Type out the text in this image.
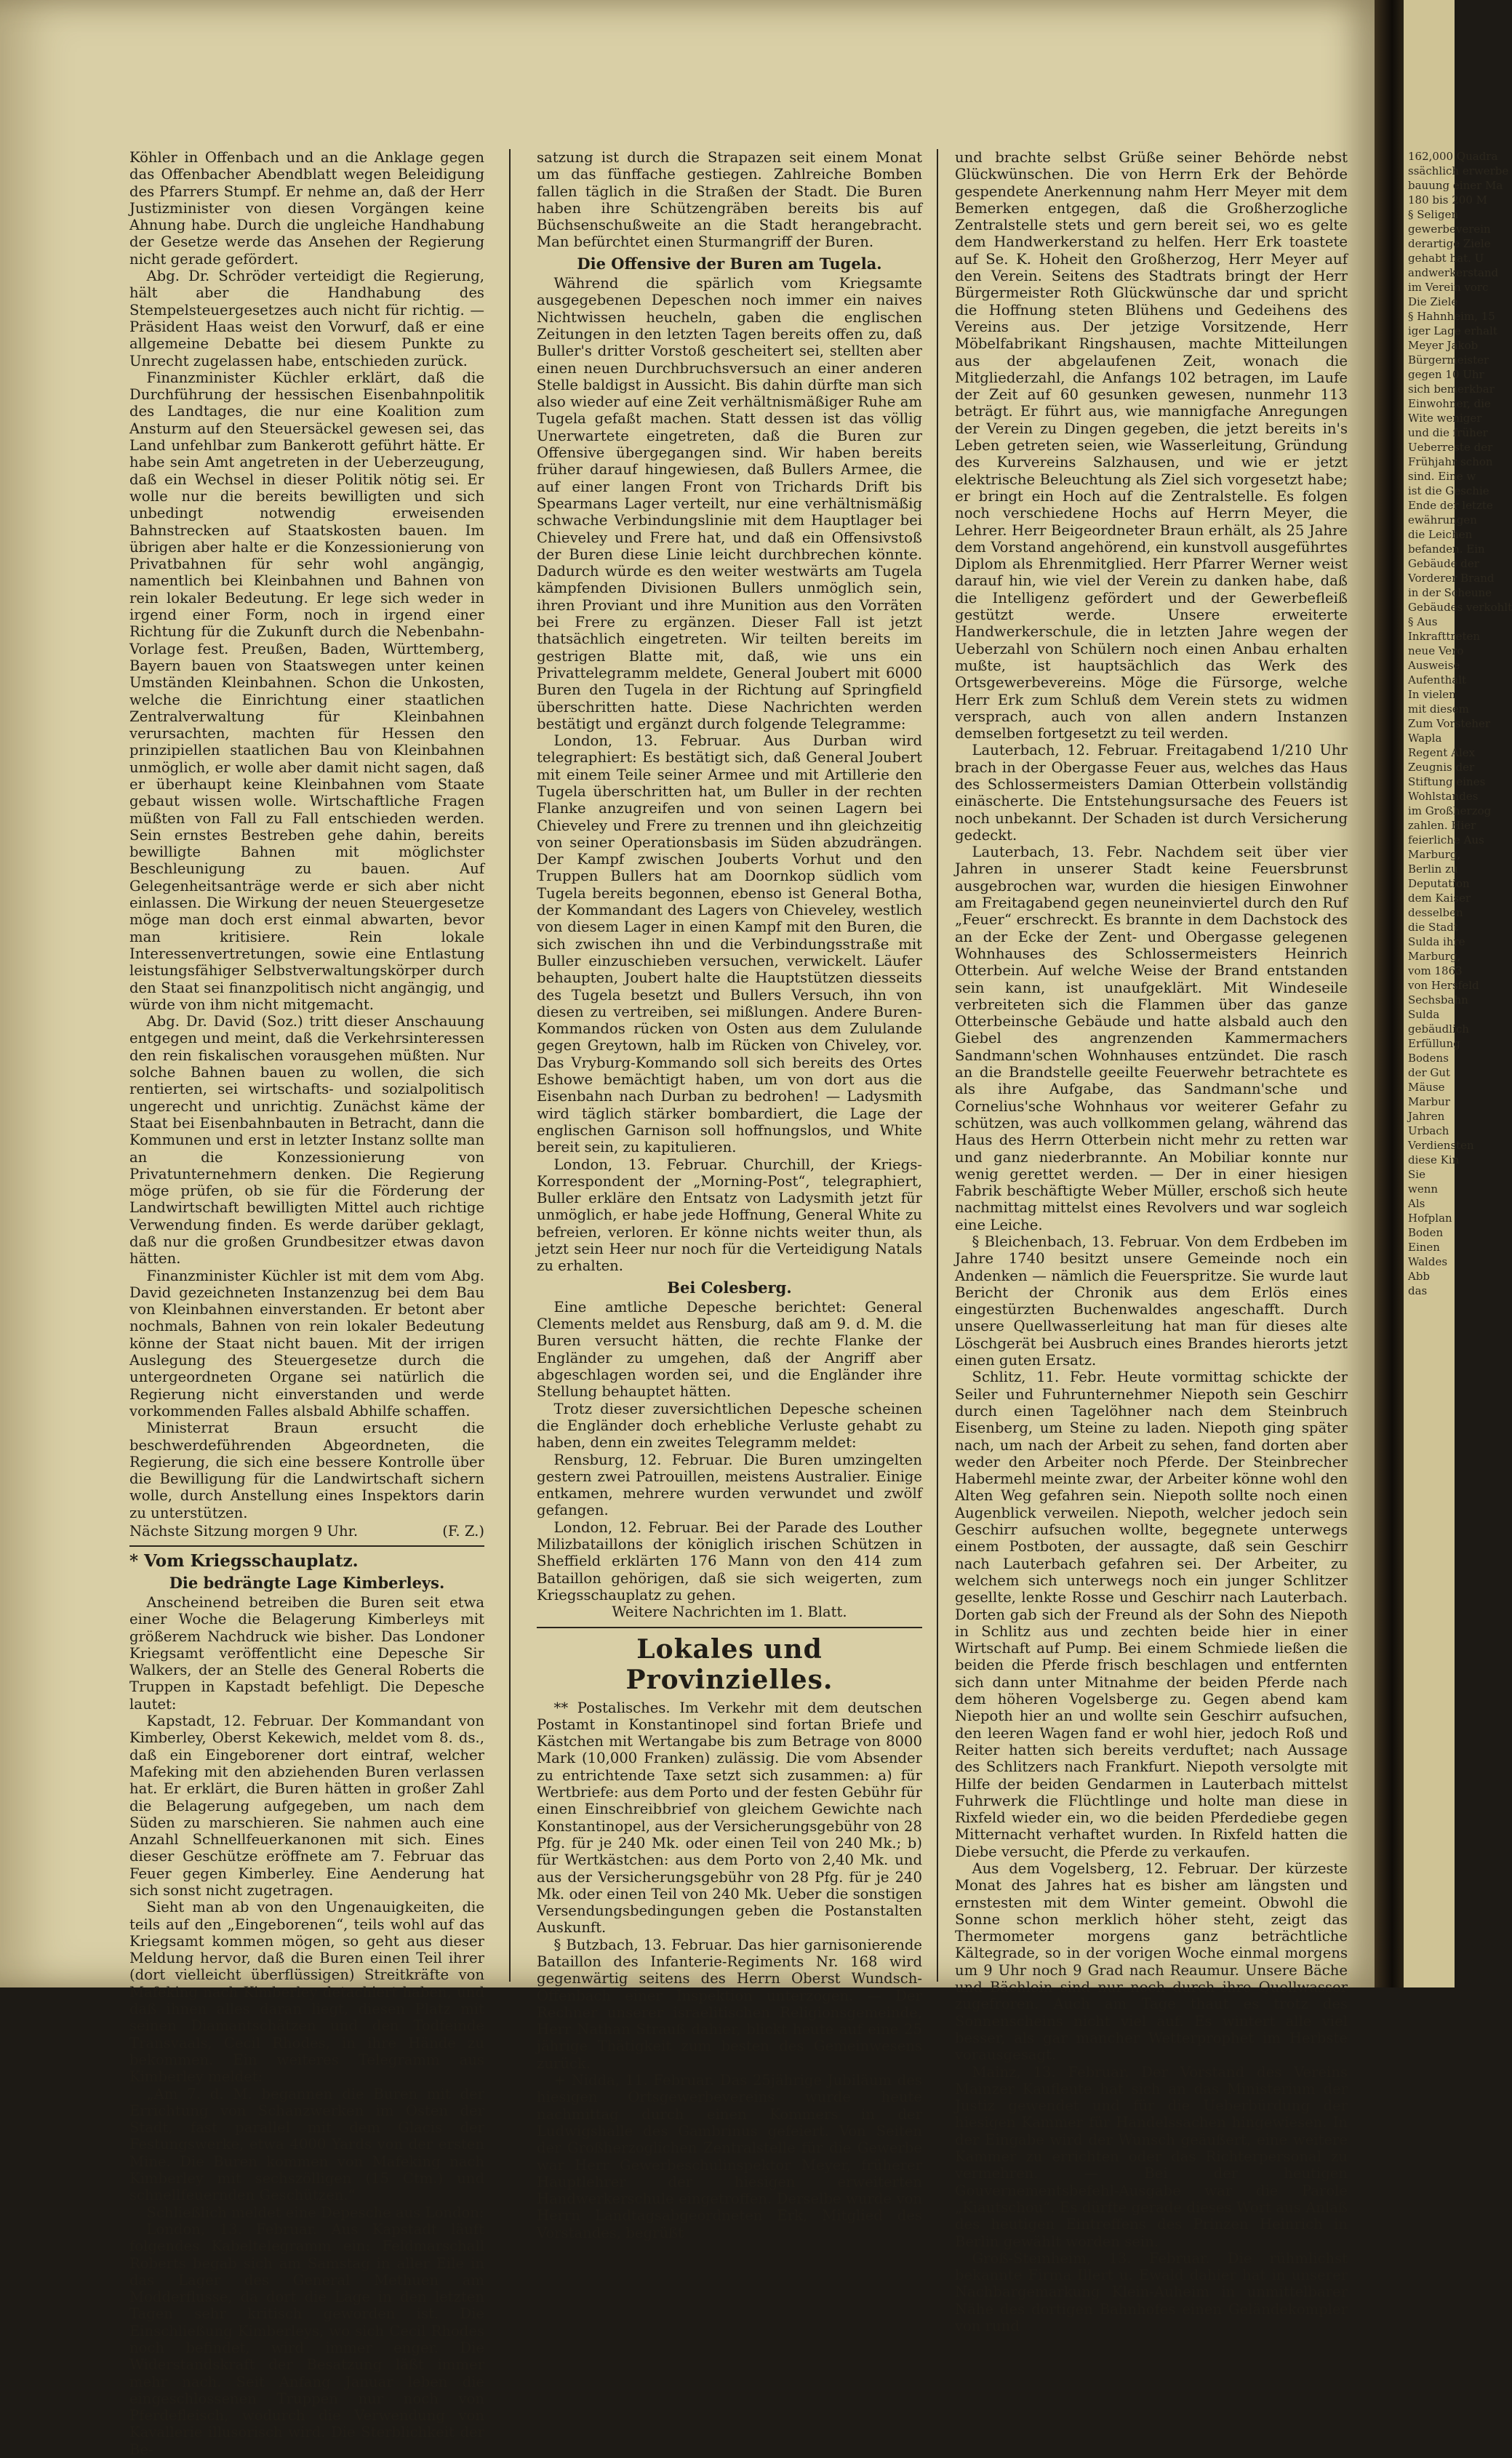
Köhler in Offenbach und an die Anklage gegen das Offenbacher Abendblatt wegen Beleidigung des Pfarrers Stumpf. Er nehme an, daß der Herr Justizminister von diesen Vorgängen keine Ahnung habe. Durch die ungleiche Handhabung der Gesetze werde das Ansehen der Regierung nicht gerade gefördert.

Abg. Dr. Schröder verteidigt die Regierung, hält aber die Handhabung des Stempelsteuergesetzes auch nicht für richtig. — Präsident Haas weist den Vorwurf, daß er eine allgemeine Debatte bei diesem Punkte zu Unrecht zugelassen habe, entschieden zurück.

Finanzminister Küchler erklärt, daß die Durchführung der hessischen Eisenbahnpolitik des Landtages, die nur eine Koalition zum Ansturm auf den Steuersäckel gewesen sei, das Land unfehlbar zum Bankerott geführt hätte. Er habe sein Amt angetreten in der Ueberzeugung, daß ein Wechsel in dieser Politik nötig sei. Er wolle nur die bereits bewilligten und sich unbedingt notwendig erweisenden Bahnstrecken auf Staatskosten bauen. Im übrigen aber halte er die Konzessionierung von Privatbahnen für sehr wohl angängig, namentlich bei Kleinbahnen und Bahnen von rein lokaler Bedeutung. Er lege sich weder in irgend einer Form, noch in irgend einer Richtung für die Zukunft durch die Nebenbahn-Vorlage fest. Preußen, Baden, Württemberg, Bayern bauen von Staatswegen unter keinen Umständen Kleinbahnen. Schon die Unkosten, welche die Einrichtung einer staatlichen Zentralverwaltung für Kleinbahnen verursachten, machten für Hessen den prinzipiellen staatlichen Bau von Kleinbahnen unmöglich, er wolle aber damit nicht sagen, daß er überhaupt keine Kleinbahnen vom Staate gebaut wissen wolle. Wirtschaftliche Fragen müßten von Fall zu Fall entschieden werden. Sein ernstes Bestreben gehe dahin, bereits bewilligte Bahnen mit möglichster Beschleunigung zu bauen. Auf Gelegenheitsanträge werde er sich aber nicht einlassen. Die Wirkung der neuen Steuergesetze möge man doch erst einmal abwarten, bevor man kritisiere. Rein lokale Interessenvertretungen, sowie eine Entlastung leistungsfähiger Selbstverwaltungskörper durch den Staat sei finanzpolitisch nicht angängig, und würde von ihm nicht mitgemacht.

Abg. Dr. David (Soz.) tritt dieser Anschauung entgegen und meint, daß die Verkehrsinteressen den rein fiskalischen vorausgehen müßten. Nur solche Bahnen bauen zu wollen, die sich rentierten, sei wirtschafts- und sozialpolitisch ungerecht und unrichtig. Zunächst käme der Staat bei Eisenbahnbauten in Betracht, dann die Kommunen und erst in letzter Instanz sollte man an die Konzessionierung von Privatunternehmern denken. Die Regierung möge prüfen, ob sie für die Förderung der Landwirtschaft bewilligten Mittel auch richtige Verwendung finden. Es werde darüber geklagt, daß nur die großen Grundbesitzer etwas davon hätten.

Finanzminister Küchler ist mit dem vom Abg. David gezeichneten Instanzenzug bei dem Bau von Kleinbahnen einverstanden. Er betont aber nochmals, Bahnen von rein lokaler Bedeutung könne der Staat nicht bauen. Mit der irrigen Auslegung des Steuergesetze durch die untergeordneten Organe sei natürlich die Regierung nicht einverstanden und werde vorkommenden Falles alsbald Abhilfe schaffen.

Ministerrat Braun ersucht die beschwerdeführenden Abgeordneten, die Regierung, die sich eine bessere Kontrolle über die Bewilligung für die Landwirtschaft sichern wolle, durch Anstellung eines Inspektors darin zu unterstützen.

Nächste Sitzung morgen 9 Uhr.	(F. Z.)
* Vom Kriegsschauplatz.
Die bedrängte Lage Kimberleys.

Anscheinend betreiben die Buren seit etwa einer Woche die Belagerung Kimberleys mit größerem Nachdruck wie bisher. Das Londoner Kriegsamt veröffentlicht eine Depesche Sir Walkers, der an Stelle des General Roberts die Truppen in Kapstadt befehligt. Die Depesche lautet:

Kapstadt, 12. Februar. Der Kommandant von Kimberley, Oberst Kekewich, meldet vom 8. ds., daß ein Eingeborener dort eintraf, welcher Mafeking mit den abziehenden Buren verlassen hat. Er erklärt, die Buren hätten in großer Zahl die Belagerung aufgegeben, um nach dem Süden zu marschieren. Sie nahmen auch eine Anzahl Schnellfeuerkanonen mit sich. Eines dieser Geschütze eröffnete am 7. Februar das Feuer gegen Kimberley. Eine Aenderung hat sich sonst nicht zugetragen.

Sieht man ab von den Ungenauigkeiten, die teils auf den „Eingeborenen“, teils wohl auf das Kriegsamt kommen mögen, so geht aus dieser Meldung hervor, daß die Buren einen Teil ihrer (dort vielleicht überflüssigen) Streitkräfte von Mafeking nach Kimberley detachiert haben, und daß ihnen alles daran liegt, diesen Platz mit seinen Diamantschätzen und den Todfeinde Transvaals, Cecil Rhodes, in ihre Hände zu bekommen. Ein weiteres Telegramm aus Kimberley meldet:

„Am 7. d. M. begannen die Buren mit der Errichtung von Schanzwerken im Osten der Stadt, fast parallel mit dem Glacis der Festungswerke, etwa 4000 Yards von der ersten Mine. Die Buren kommen von Mafeking nach Kimberley mit sechszölligen (15 Ctm.) und schnellfeuernden Geschützen.“

Schließlich meldet eine Depesche aus London:

London, 13. Februar. Aus Kapstadt läuft folgendes Kabeltelegramm ein: Feldmarschall Roberts begab sich am Samstag in aller Eile in das Lager des General Methuen am Modderflusse, da dort die Lage in den letzten Tagen sehr kritisch geworden ist. Die Einschließung Kimberleys, wo sich Cecil Rhodes noch befindet, wird immer enger. Die Widerstandskraft der Besatzung läßt immer mehr nach. Seit Anfang Januar leben die eingeschlossenen Truppen nur noch von Pferdefleisch, wodurch die Verwendung von Kavallerie illusorisch wird. Die Sterblichkeit der Be-

satzung ist durch die Strapazen seit einem Monat um das fünffache gestiegen. Zahlreiche Bomben fallen täglich in die Straßen der Stadt. Die Buren haben ihre Schützengräben bereits bis auf Büchsenschußweite an die Stadt herangebracht. Man befürchtet einen Sturmangriff der Buren.

Die Offensive der Buren am Tugela.

Während die spärlich vom Kriegsamte ausgegebenen Depeschen noch immer ein naives Nichtwissen heucheln, gaben die englischen Zeitungen in den letzten Tagen bereits offen zu, daß Buller's dritter Vorstoß gescheitert sei, stellten aber einen neuen Durchbruchsversuch an einer anderen Stelle baldigst in Aussicht. Bis dahin dürfte man sich also wieder auf eine Zeit verhältnismäßiger Ruhe am Tugela gefaßt machen. Statt dessen ist das völlig Unerwartete eingetreten, daß die Buren zur Offensive übergegangen sind. Wir haben bereits früher darauf hingewiesen, daß Bullers Armee, die auf einer langen Front von Trichards Drift bis Spearmans Lager verteilt, nur eine verhältnismäßig schwache Verbindungslinie mit dem Hauptlager bei Chieveley und Frere hat, und daß ein Offensivstoß der Buren diese Linie leicht durchbrechen könnte. Dadurch würde es den weiter westwärts am Tugela kämpfenden Divisionen Bullers unmöglich sein, ihren Proviant und ihre Munition aus den Vorräten bei Frere zu ergänzen. Dieser Fall ist jetzt thatsächlich eingetreten. Wir teilten bereits im gestrigen Blatte mit, daß, wie uns ein Privattelegramm meldete, General Joubert mit 6000 Buren den Tugela in der Richtung auf Springfield überschritten hatte. Diese Nachrichten werden bestätigt und ergänzt durch folgende Telegramme:

London, 13. Februar. Aus Durban wird telegraphiert: Es bestätigt sich, daß General Joubert mit einem Teile seiner Armee und mit Artillerie den Tugela überschritten hat, um Buller in der rechten Flanke anzugreifen und von seinen Lagern bei Chieveley und Frere zu trennen und ihn gleichzeitig von seiner Operationsbasis im Süden abzudrängen. Der Kampf zwischen Jouberts Vorhut und den Truppen Bullers hat am Doornkop südlich vom Tugela bereits begonnen, ebenso ist General Botha, der Kommandant des Lagers von Chieveley, westlich von diesem Lager in einen Kampf mit den Buren, die sich zwischen ihn und die Verbindungsstraße mit Buller einzuschieben versuchen, verwickelt. Läufer behaupten, Joubert halte die Hauptstützen diesseits des Tugela besetzt und Bullers Versuch, ihn von diesen zu vertreiben, sei mißlungen. Andere Buren-Kommandos rücken von Osten aus dem Zululande gegen Greytown, halb im Rücken von Chiveley, vor. Das Vryburg-Kommando soll sich bereits des Ortes Eshowe bemächtigt haben, um von dort aus die Eisenbahn nach Durban zu bedrohen! — Ladysmith wird täglich stärker bombardiert, die Lage der englischen Garnison soll hoffnungslos, und White bereit sein, zu kapitulieren.

London, 13. Februar. Churchill, der Kriegs-Korrespondent der „Morning-Post“, telegraphiert, Buller erkläre den Entsatz von Ladysmith jetzt für unmöglich, er habe jede Hoffnung, General White zu befreien, verloren. Er könne nichts weiter thun, als jetzt sein Heer nur noch für die Verteidigung Natals zu erhalten.

Bei Colesberg.

Eine amtliche Depesche berichtet: General Clements meldet aus Rensburg, daß am 9. d. M. die Buren versucht hätten, die rechte Flanke der Engländer zu umgehen, daß der Angriff aber abgeschlagen worden sei, und die Engländer ihre Stellung behauptet hätten.

Trotz dieser zuversichtlichen Depesche scheinen die Engländer doch erhebliche Verluste gehabt zu haben, denn ein zweites Telegramm meldet:

Rensburg, 12. Februar. Die Buren umzingelten gestern zwei Patrouillen, meistens Australier. Einige entkamen, mehrere wurden verwundet und zwölf gefangen.

London, 12. Februar. Bei der Parade des Louther Milizbataillons der königlich irischen Schützen in Sheffield erklärten 176 Mann von den 414 zum Bataillon gehörigen, daß sie sich weigerten, zum Kriegsschauplatz zu gehen.

Weitere Nachrichten im 1. Blatt.

Lokales und Provinzielles.

** Postalisches. Im Verkehr mit dem deutschen Postamt in Konstantinopel sind fortan Briefe und Kästchen mit Wertangabe bis zum Betrage von 8000 Mark (10,000 Franken) zulässig. Die vom Absender zu entrichtende Taxe setzt sich zusammen: a) für Wertbriefe: aus dem Porto und der festen Gebühr für einen Einschreibbrief von gleichem Gewichte nach Konstantinopel, aus der Versicherungsgebühr von 28 Pfg. für je 240 Mk. oder einen Teil von 240 Mk.; b) für Wertkästchen: aus dem Porto von 2,40 Mk. und aus der Versicherungsgebühr von 28 Pfg. für je 240 Mk. oder einen Teil von 240 Mk. Ueber die sonstigen Versendungsbedingungen geben die Postanstalten Auskunft.

§ Butzbach, 13. Februar. Das hier garnisonierende Bataillon des Infanterie-Regiments Nr. 168 wird gegenwärtig seitens des Herrn Oberst Wundsch-Offenbach einer Inspektion unterzogen. — Der Rechner unserer israelitischen Religionsgemeinde, Herr Nathan Strauß dahier, blickt heute auf eine 25 jährige Thätigkeit zum besten des Gemeinwesens zurück.

+ Nidda, 11. Februar. Das 25jährige Jubiläum des hiesigen Ortsgewerbevereins wurde heute nachmittag durch einen Kommers in der Ludwigshalle des Gambrinus gefeiert. Von Seiten der Großherzoglichen Zentralstelle für die Gewerbe war Herr Gewerbeschulinspektor Meyer, früherer Hauptlehrer der hiesigen erweiterten Handwerkerschule eingetroffen. Derselbe wurde von Herrn Landtagsabgeordneten Erk, Mitglied des Vorstandes, begrüßt

und brachte selbst Grüße seiner Behörde nebst Glückwünschen. Die von Herrn Erk der Behörde gespendete Anerkennung nahm Herr Meyer mit dem Bemerken entgegen, daß die Großherzogliche Zentralstelle stets und gern bereit sei, wo es gelte dem Handwerkerstand zu helfen. Herr Erk toastete auf Se. K. Hoheit den Großherzog, Herr Meyer auf den Verein. Seitens des Stadtrats bringt der Herr Bürgermeister Roth Glückwünsche dar und spricht die Hoffnung steten Blühens und Gedeihens des Vereins aus. Der jetzige Vorsitzende, Herr Möbelfabrikant Ringshausen, machte Mitteilungen aus der abgelaufenen Zeit, wonach die Mitgliederzahl, die Anfangs 102 betragen, im Laufe der Zeit auf 60 gesunken gewesen, nunmehr 113 beträgt. Er führt aus, wie mannigfache Anregungen der Verein zu Dingen gegeben, die jetzt bereits in's Leben getreten seien, wie Wasserleitung, Gründung des Kurvereins Salzhausen, und wie er jetzt elektrische Beleuchtung als Ziel sich vorgesetzt habe; er bringt ein Hoch auf die Zentralstelle. Es folgen noch verschiedene Hochs auf Herrn Meyer, die Lehrer. Herr Beigeordneter Braun erhält, als 25 Jahre dem Vorstand angehörend, ein kunstvoll ausgeführtes Diplom als Ehrenmitglied. Herr Pfarrer Werner weist darauf hin, wie viel der Verein zu danken habe, daß die Intelligenz gefördert und der Gewerbefleiß gestützt werde. Unsere erweiterte Handwerkerschule, die in letzten Jahre wegen der Ueberzahl von Schülern noch einen Anbau erhalten mußte, ist hauptsächlich das Werk des Ortsgewerbevereins. Möge die Fürsorge, welche Herr Erk zum Schluß dem Verein stets zu widmen versprach, auch von allen andern Instanzen demselben fortgesetzt zu teil werden.

Lauterbach, 12. Februar. Freitagabend 1/210 Uhr brach in der Obergasse Feuer aus, welches das Haus des Schlossermeisters Damian Otterbein vollständig einäscherte. Die Entstehungsursache des Feuers ist noch unbekannt. Der Schaden ist durch Versicherung gedeckt.

Lauterbach, 13. Febr. Nachdem seit über vier Jahren in unserer Stadt keine Feuersbrunst ausgebrochen war, wurden die hiesigen Einwohner am Freitagabend gegen neuneinviertel durch den Ruf „Feuer“ erschreckt. Es brannte in dem Dachstock des an der Ecke der Zent- und Obergasse gelegenen Wohnhauses des Schlossermeisters Heinrich Otterbein. Auf welche Weise der Brand entstanden sein kann, ist unaufgeklärt. Mit Windeseile verbreiteten sich die Flammen über das ganze Otterbeinsche Gebäude und hatte alsbald auch den Giebel des angrenzenden Kammermachers Sandmann'schen Wohnhauses entzündet. Die rasch an die Brandstelle geeilte Feuerwehr betrachtete es als ihre Aufgabe, das Sandmann'sche und Cornelius'sche Wohnhaus vor weiterer Gefahr zu schützen, was auch vollkommen gelang, während das Haus des Herrn Otterbein nicht mehr zu retten war und ganz niederbrannte. An Mobiliar konnte nur wenig gerettet werden. — Der in einer hiesigen Fabrik beschäftigte Weber Müller, erschoß sich heute nachmittag mittelst eines Revolvers und war sogleich eine Leiche.

§ Bleichenbach, 13. Februar. Von dem Erdbeben im Jahre 1740 besitzt unsere Gemeinde noch ein Andenken — nämlich die Feuerspritze. Sie wurde laut Bericht der Chronik aus dem Erlös eines eingestürzten Buchenwaldes angeschafft. Durch unsere Quellwasserleitung hat man für dieses alte Löschgerät bei Ausbruch eines Brandes hierorts jetzt einen guten Ersatz.

Schlitz, 11. Febr. Heute vormittag schickte der Seiler und Fuhrunternehmer Niepoth sein Geschirr durch einen Tagelöhner nach dem Steinbruch Eisenberg, um Steine zu laden. Niepoth ging später nach, um nach der Arbeit zu sehen, fand dorten aber weder den Arbeiter noch Pferde. Der Steinbrecher Habermehl meinte zwar, der Arbeiter könne wohl den Alten Weg gefahren sein. Niepoth sollte noch einen Augenblick verweilen. Niepoth, welcher jedoch sein Geschirr aufsuchen wollte, begegnete unterwegs einem Postboten, der aussagte, daß sein Geschirr nach Lauterbach gefahren sei. Der Arbeiter, zu welchem sich unterwegs noch ein junger Schlitzer gesellte, lenkte Rosse und Geschirr nach Lauterbach. Dorten gab sich der Freund als der Sohn des Niepoth in Schlitz aus und zechten beide hier in einer Wirtschaft auf Pump. Bei einem Schmiede ließen die beiden die Pferde frisch beschlagen und entfernten sich dann unter Mitnahme der beiden Pferde nach dem höheren Vogelsberge zu. Gegen abend kam Niepoth hier an und wollte sein Geschirr aufsuchen, den leeren Wagen fand er wohl hier, jedoch Roß und Reiter hatten sich bereits verduftet; nach Aussage des Schlitzers nach Frankfurt. Niepoth versolgte mit Hilfe der beiden Gendarmen in Lauterbach mittelst Fuhrwerk die Flüchtlinge und holte man diese in Rixfeld wieder ein, wo die beiden Pferdediebe gegen Mitternacht verhaftet wurden. In Rixfeld hatten die Diebe versucht, die Pferde zu verkaufen.

Aus dem Vogelsberg, 12. Februar. Der kürzeste Monat des Jahres hat es bisher am längsten und ernstesten mit dem Winter gemeint. Obwohl die Sonne schon merklich höher steht, zeigt das Thermometer morgens ganz beträchtliche Kältegrade, so in der vorigen Woche einmal morgens um 9 Uhr noch 9 Grad nach Reaumur. Unsere Bäche und Bächlein sind nur noch durch ihre Quellwasser zugefroren. Auch am Tage thaut es trotz des Sonnenscheins nicht viel auf. Es wintert alle viel besser, als gar mancher Wetterprophet im Herbste vorausgesagt.

Mainz, 13. Februar. Der Vorstand des Vereins Mainzer Kaufleute hat sich an das Ministerium der Justiz gewendet und für die Ueberbürdung der hiesigen Kammer für Handelssachen hingewiesen. In der Eingabe wird der Wunsch geäußert, eine weitere Kammer zu errichten oder das Richterpersonal zu vermehren. — Bei der heutigen Gouvernementsbefehl-Ausgabe war die Parole „Kiautschou“. Es dürfte gerade dieses Wort aus Anlaß des heutigen Eintreffens des Prinzen Heinrich in Berlin gewählt worden sein.

Groß-Steinheim, 13. Februar. Die rühmlichst bekannte Firma Illert u. Ewald dahier hat in unserer Nachbargemarkung Klein-Auheim in unmittelbarer Nähe des dortigen Bahnhofes einen Geländekompler von rund

162,000 Quadra
ssächlich erwerbe
bauung einer Ma
180 bis 200 M
§ Seligen
gewerbeverein
derartige Ziele
gehabt hat. U
andwerkerstand
im Verein vorc
Die Ziele
§ Hahnheim, 15
iger Lage erhalt
Meyer Jakob
Bürgermeister
gegen 10 Uhr
sich bemerkbar
Einwohner, die
Wite weniger
und die früher
Ueberreste der
Frühjahr schon
sind. Eine w
ist die Geschie
Ende der letzte
ewährungen
die Leichen
befanden. Ein
Gebäude der
Vorderer Brand
in der Scheune
Gebäudes verkohlt
§ Aus
Inkrafttreten
neue Vero
Ausweise
Aufenthalt
In vielen
mit diesem
Zum Vorsteher
Wapla
Regent Alex
Zeugnis der
Stiftung eines
Wohlstandes
im Großherzog
zahlen. Hier
feierliche Aus
Marburg,
Berlin zu
Deputation
dem Kaiser
desselben
die Stadt
Sulda ihre
Marburg,
vom 1863
von Hersfeld
Sechsbahn
Sulda
gebäudlich
Erfüllung
Bodens
der Gut
Mäuse
Marbur
Jahren
Urbach
Verdiensten
diese Kin
Sie
wenn
Als
Hofplan
Boden
Einen
Waldes
Abb
das
